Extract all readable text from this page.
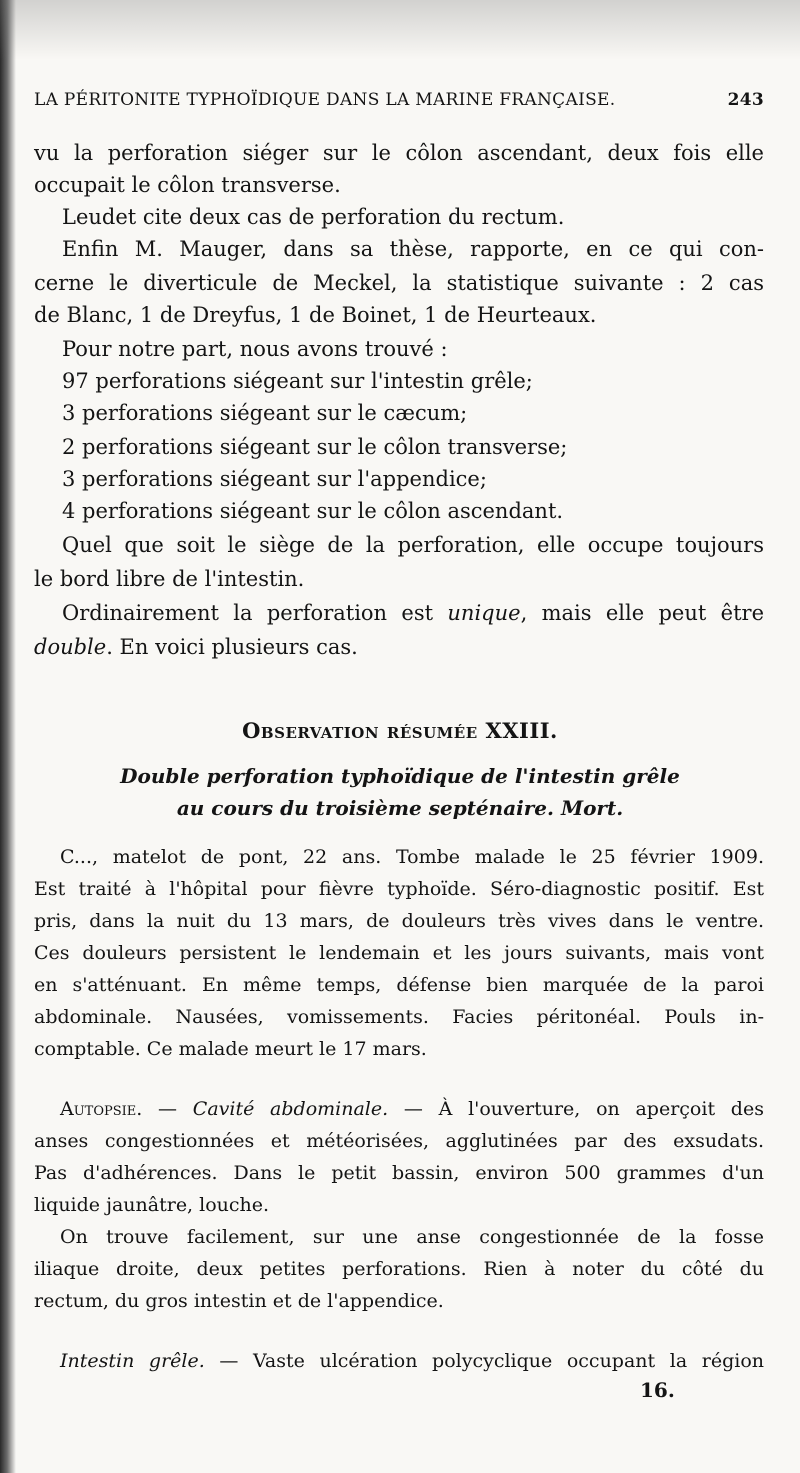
LA PÉRITONITE TYPHOÏDIQUE DANS LA MARINE FRANÇAISE.	243
vu la perforation siéger sur le côlon ascendant, deux fois elle
occupait le côlon transverse.
Leudet cite deux cas de perforation du rectum.
Enfin M. Mauger, dans sa thèse, rapporte, en ce qui con-
cerne le diverticule de Meckel, la statistique suivante : 2 cas
de Blanc, 1 de Dreyfus, 1 de Boinet, 1 de Heurteaux.
Pour notre part, nous avons trouvé :
97 perforations siégeant sur l'intestin grêle;
3 perforations siégeant sur le cæcum;
2 perforations siégeant sur le côlon transverse;
3 perforations siégeant sur l'appendice;
4 perforations siégeant sur le côlon ascendant.
Quel que soit le siège de la perforation, elle occupe toujours
le bord libre de l'intestin.
Ordinairement la perforation est unique, mais elle peut être
double. En voici plusieurs cas.
Observation résumée XXIII.
Double perforation typhoïdique de l'intestin grêle
au cours du troisième septénaire. Mort.
C..., matelot de pont, 22 ans. Tombe malade le 25 février 1909.
Est traité à l'hôpital pour fièvre typhoïde. Séro-diagnostic positif. Est
pris, dans la nuit du 13 mars, de douleurs très vives dans le ventre.
Ces douleurs persistent le lendemain et les jours suivants, mais vont
en s'atténuant. En même temps, défense bien marquée de la paroi
abdominale. Nausées, vomissements. Facies péritonéal. Pouls in-
comptable. Ce malade meurt le 17 mars.
Autopsie. — Cavité abdominale. — À l'ouverture, on aperçoit des
anses congestionnées et météorisées, agglutinées par des exsudats.
Pas d'adhérences. Dans le petit bassin, environ 500 grammes d'un
liquide jaunâtre, louche.
On trouve facilement, sur une anse congestionnée de la fosse
iliaque droite, deux petites perforations. Rien à noter du côté du
rectum, du gros intestin et de l'appendice.
Intestin grêle. — Vaste ulcération polycyclique occupant la région
16.
